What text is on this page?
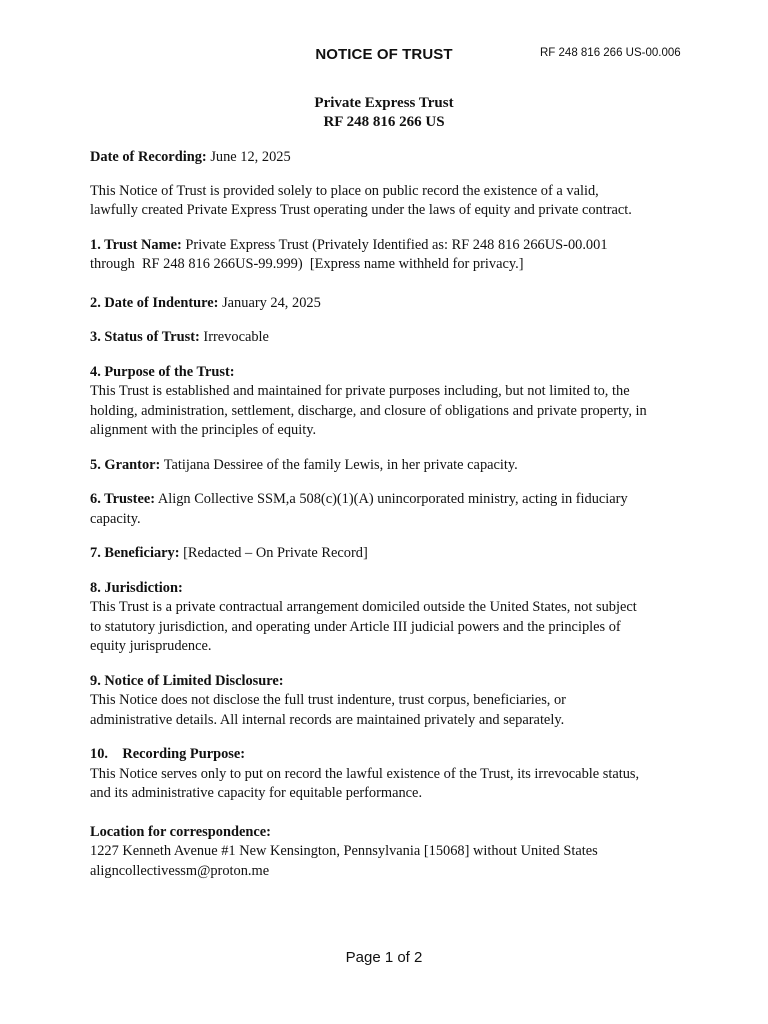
NOTICE OF TRUST	RF 248 816 266 US-00.006
Private Express Trust
RF 248 816 266 US
Date of Recording: June 12, 2025
This Notice of Trust is provided solely to place on public record the existence of a valid,
lawfully created Private Express Trust operating under the laws of equity and private contract.
1. Trust Name: Private Express Trust (Privately Identified as: RF 248 816 266US-00.001
through  RF 248 816 266US-99.999)  [Express name withheld for privacy.]
2. Date of Indenture: January 24, 2025
3. Status of Trust: Irrevocable
4. Purpose of the Trust:
This Trust is established and maintained for private purposes including, but not limited to, the
holding, administration, settlement, discharge, and closure of obligations and private property, in
alignment with the principles of equity.
5. Grantor: Tatijana Dessiree of the family Lewis, in her private capacity.
6. Trustee: Align Collective SSM,a 508(c)(1)(A) unincorporated ministry, acting in fiduciary
capacity.
7. Beneficiary: [Redacted – On Private Record]
8. Jurisdiction:
This Trust is a private contractual arrangement domiciled outside the United States, not subject
to statutory jurisdiction, and operating under Article III judicial powers and the principles of
equity jurisprudence.
9. Notice of Limited Disclosure:
This Notice does not disclose the full trust indenture, trust corpus, beneficiaries, or
administrative details. All internal records are maintained privately and separately.
10.    Recording Purpose:
This Notice serves only to put on record the lawful existence of the Trust, its irrevocable status,
and its administrative capacity for equitable performance.
Location for correspondence:
1227 Kenneth Avenue #1 New Kensington, Pennsylvania [15068] without United States
aligncollectivessm@proton.me
Page 1 of 2
